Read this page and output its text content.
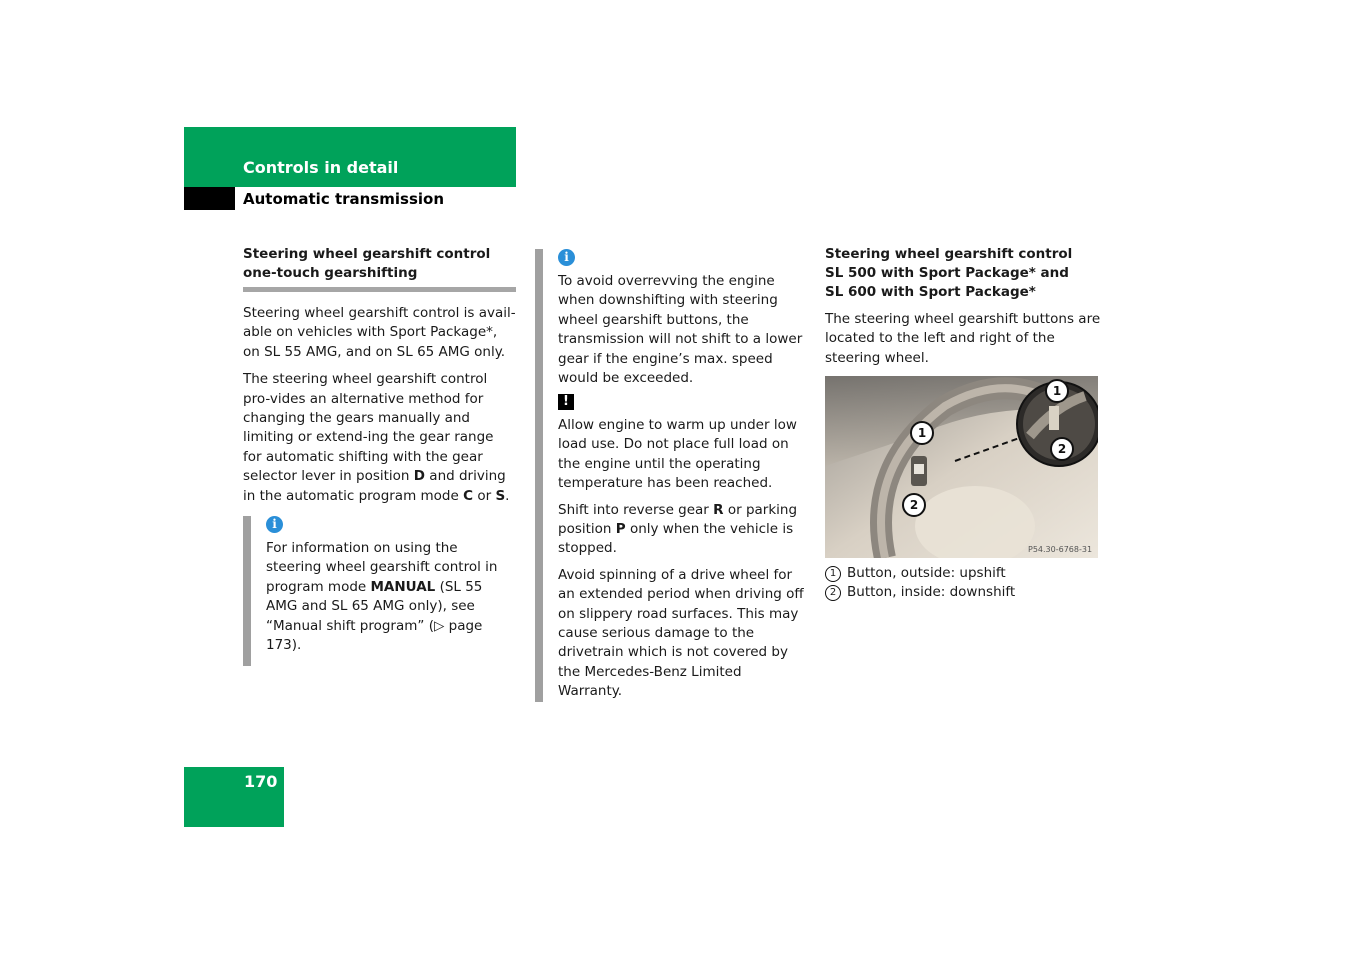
Controls in detail
Automatic transmission
Steering wheel gearshift control
one-touch gearshifting

Steering wheel gearshift control is avail-able on vehicles with Sport Package*, on SL 55 AMG, and on SL 65 AMG only.

The steering wheel gearshift control pro-vides an alternative method for changing the gears manually and limiting or extend-ing the gear range for automatic shifting with the gear selector lever in position D and driving in the automatic program mode C or S.

i

For information on using the steering wheel gearshift control in program mode MANUAL (SL 55 AMG and SL 65 AMG only), see “Manual shift program” (▷ page 173).

i

To avoid overrevving the engine when downshifting with steering wheel gearshift buttons, the transmission will not shift to a lower gear if the engine’s max. speed would be exceeded.

!

Allow engine to warm up under low load use. Do not place full load on the engine until the operating temperature has been reached.

Shift into reverse gear R or parking position P only when the vehicle is stopped.

Avoid spinning of a drive wheel for an extended period when driving off on slippery road surfaces. This may cause serious damage to the drivetrain which is not covered by the Mercedes-Benz Limited Warranty.

Steering wheel gearshift control
SL 500 with Sport Package* and
SL 600 with Sport Package*

The steering wheel gearshift buttons are located to the left and right of the steering wheel.

1
2
1
2
P54.30-6768-31
1 Button, outside: upshift
2 Button, inside: downshift
170
